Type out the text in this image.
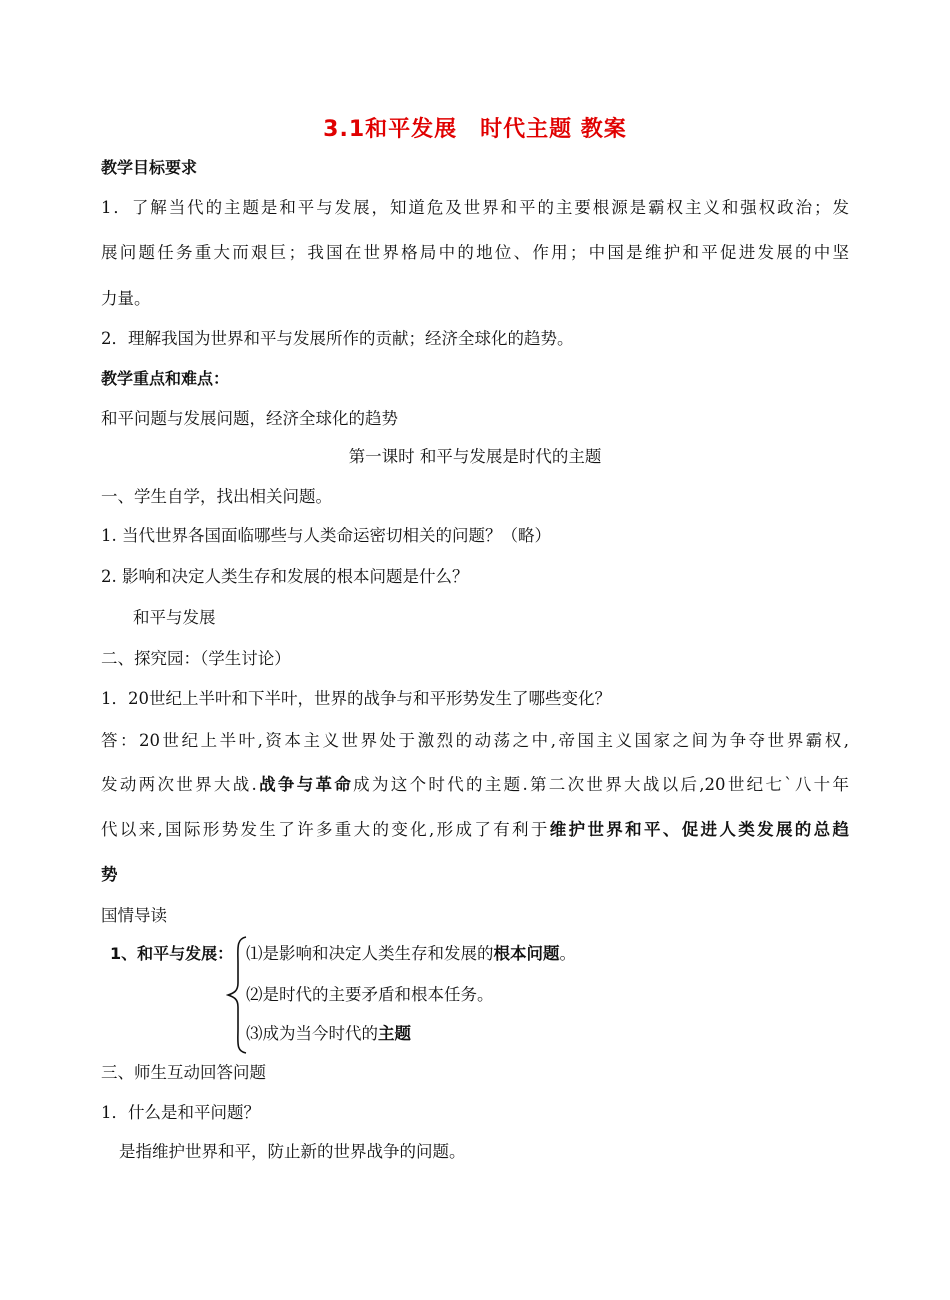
3.1和平发展　时代主题 教案
教学目标要求
1．了解当代的主题是和平与发展，知道危及世界和平的主要根源是霸权主义和强权政治；发
展问题任务重大而艰巨；我国在世界格局中的地位、作用；中国是维护和平促进发展的中坚
力量。
2．理解我国为世界和平与发展所作的贡献；经济全球化的趋势。
教学重点和难点：
和平问题与发展问题，经济全球化的趋势
第一课时 和平与发展是时代的主题
一、学生自学，找出相关问题。
1. 当代世界各国面临哪些与人类命运密切相关的问题？（略）
2. 影响和决定人类生存和发展的根本问题是什么？
和平与发展
二、探究园：（学生讨论）
1．20世纪上半叶和下半叶，世界的战争与和平形势发生了哪些变化？
答：20世纪上半叶,资本主义世界处于激烈的动荡之中,帝国主义国家之间为争夺世界霸权,
发动两次世界大战.战争与革命成为这个时代的主题.第二次世界大战以后,20世纪七`八十年
代以来,国际形势发生了许多重大的变化,形成了有利于维护世界和平、促进人类发展的总趋
势
国情导读
1、和平与发展： ⑴是影响和决定人类生存和发展的根本问题。
⑵是时代的主要矛盾和根本任务。
⑶成为当今时代的主题
三、师生互动回答问题
1．什么是和平问题？
是指维护世界和平，防止新的世界战争的问题。
